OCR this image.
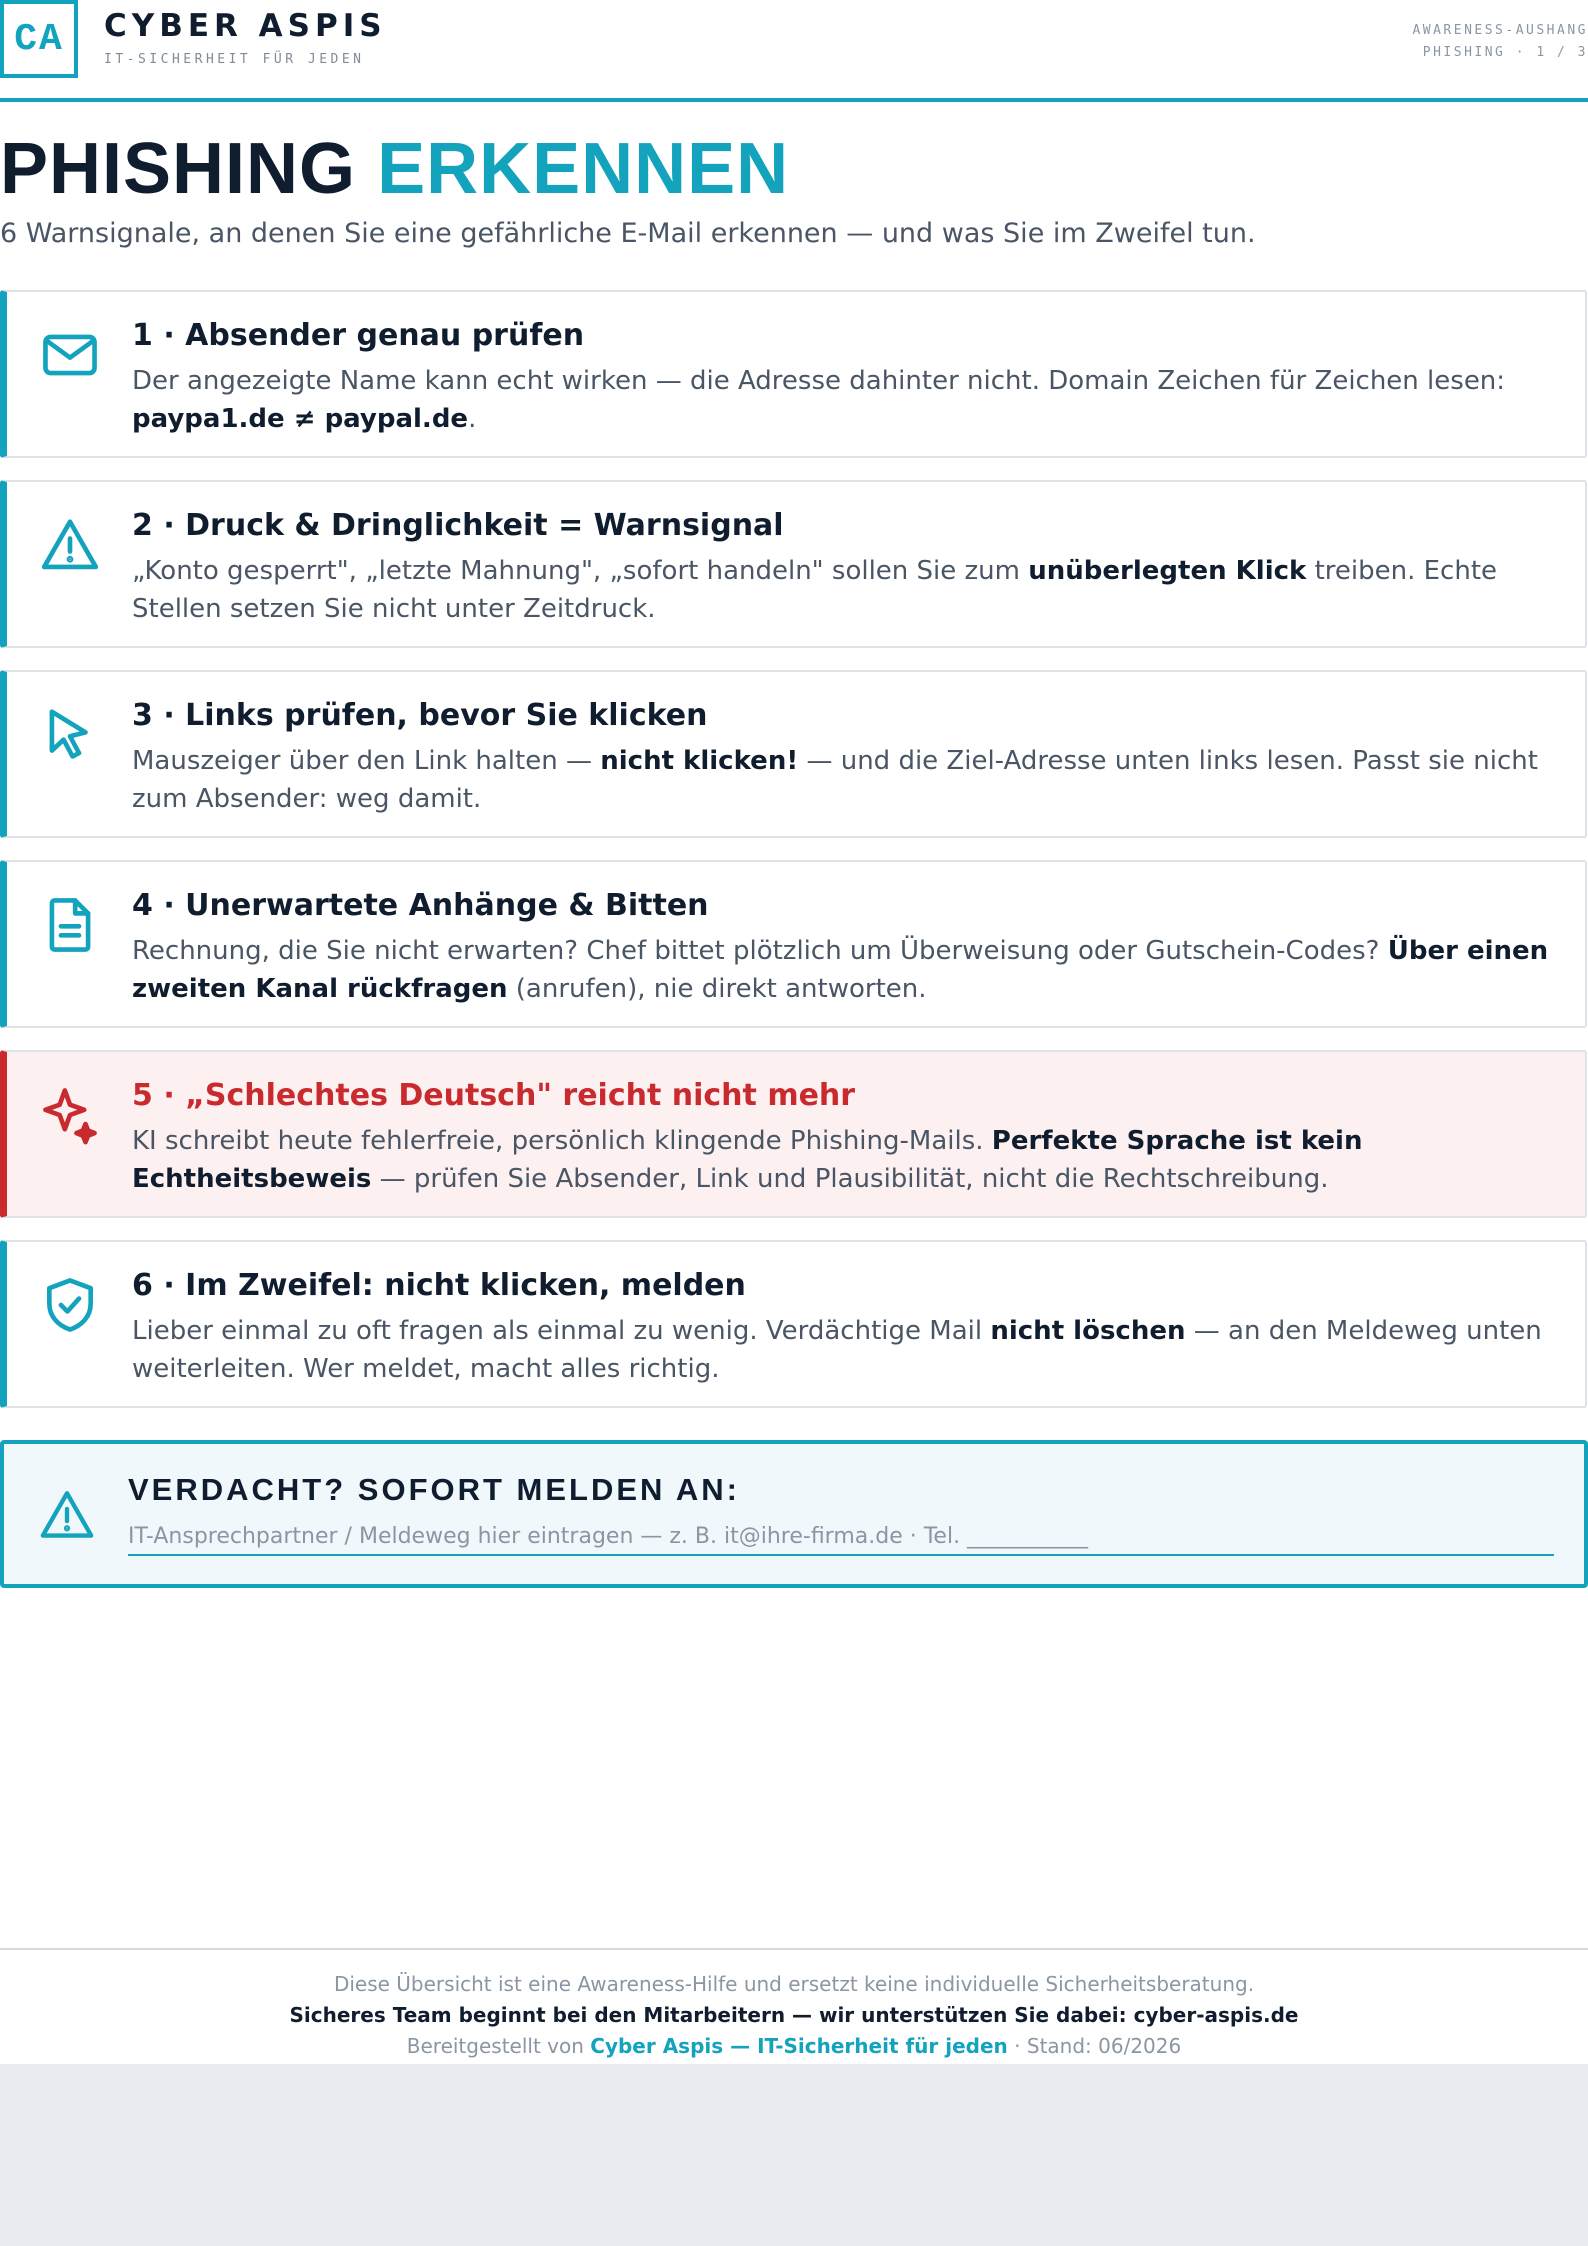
CA CYBER ASPIS
IT-SICHERHEIT FÜR JEDEN
AWARENESS-AUSHANG
PHISHING · 1 / 3
PHISHING ERKENNEN
6 Warnsignale, an denen Sie eine gefährliche E-Mail erkennen — und was Sie im Zweifel tun.
1 · Absender genau prüfen

Der angezeigte Name kann echt wirken — die Adresse dahinter nicht. Domain Zeichen für Zeichen lesen: paypa1.de ≠ paypal.de.

2 · Druck & Dringlichkeit = Warnsignal

„Konto gesperrt", „letzte Mahnung", „sofort handeln" sollen Sie zum unüberlegten Klick treiben. Echte Stellen setzen Sie nicht unter Zeitdruck.

3 · Links prüfen, bevor Sie klicken

Mauszeiger über den Link halten — nicht klicken! — und die Ziel-Adresse unten links lesen. Passt sie nicht zum Absender: weg damit.

4 · Unerwartete Anhänge & Bitten

Rechnung, die Sie nicht erwarten? Chef bittet plötzlich um Überweisung oder Gutschein-Codes? Über einen zweiten Kanal rückfragen (anrufen), nie direkt antworten.

5 · „Schlechtes Deutsch" reicht nicht mehr

KI schreibt heute fehlerfreie, persönlich klingende Phishing-Mails. Perfekte Sprache ist kein Echtheitsbeweis — prüfen Sie Absender, Link und Plausibilität, nicht die Rechtschreibung.

6 · Im Zweifel: nicht klicken, melden

Lieber einmal zu oft fragen als einmal zu wenig. Verdächtige Mail nicht löschen — an den Meldeweg unten weiterleiten. Wer meldet, macht alles richtig.

VERDACHT? SOFORT MELDEN AN:
IT-Ansprechpartner / Meldeweg hier eintragen — z. B. it@ihre-firma.de · Tel. ___________
Diese Übersicht ist eine Awareness-Hilfe und ersetzt keine individuelle Sicherheitsberatung.
Sicheres Team beginnt bei den Mitarbeitern — wir unterstützen Sie dabei: cyber-aspis.de
Bereitgestellt von Cyber Aspis — IT-Sicherheit für jeden · Stand: 06/2026
